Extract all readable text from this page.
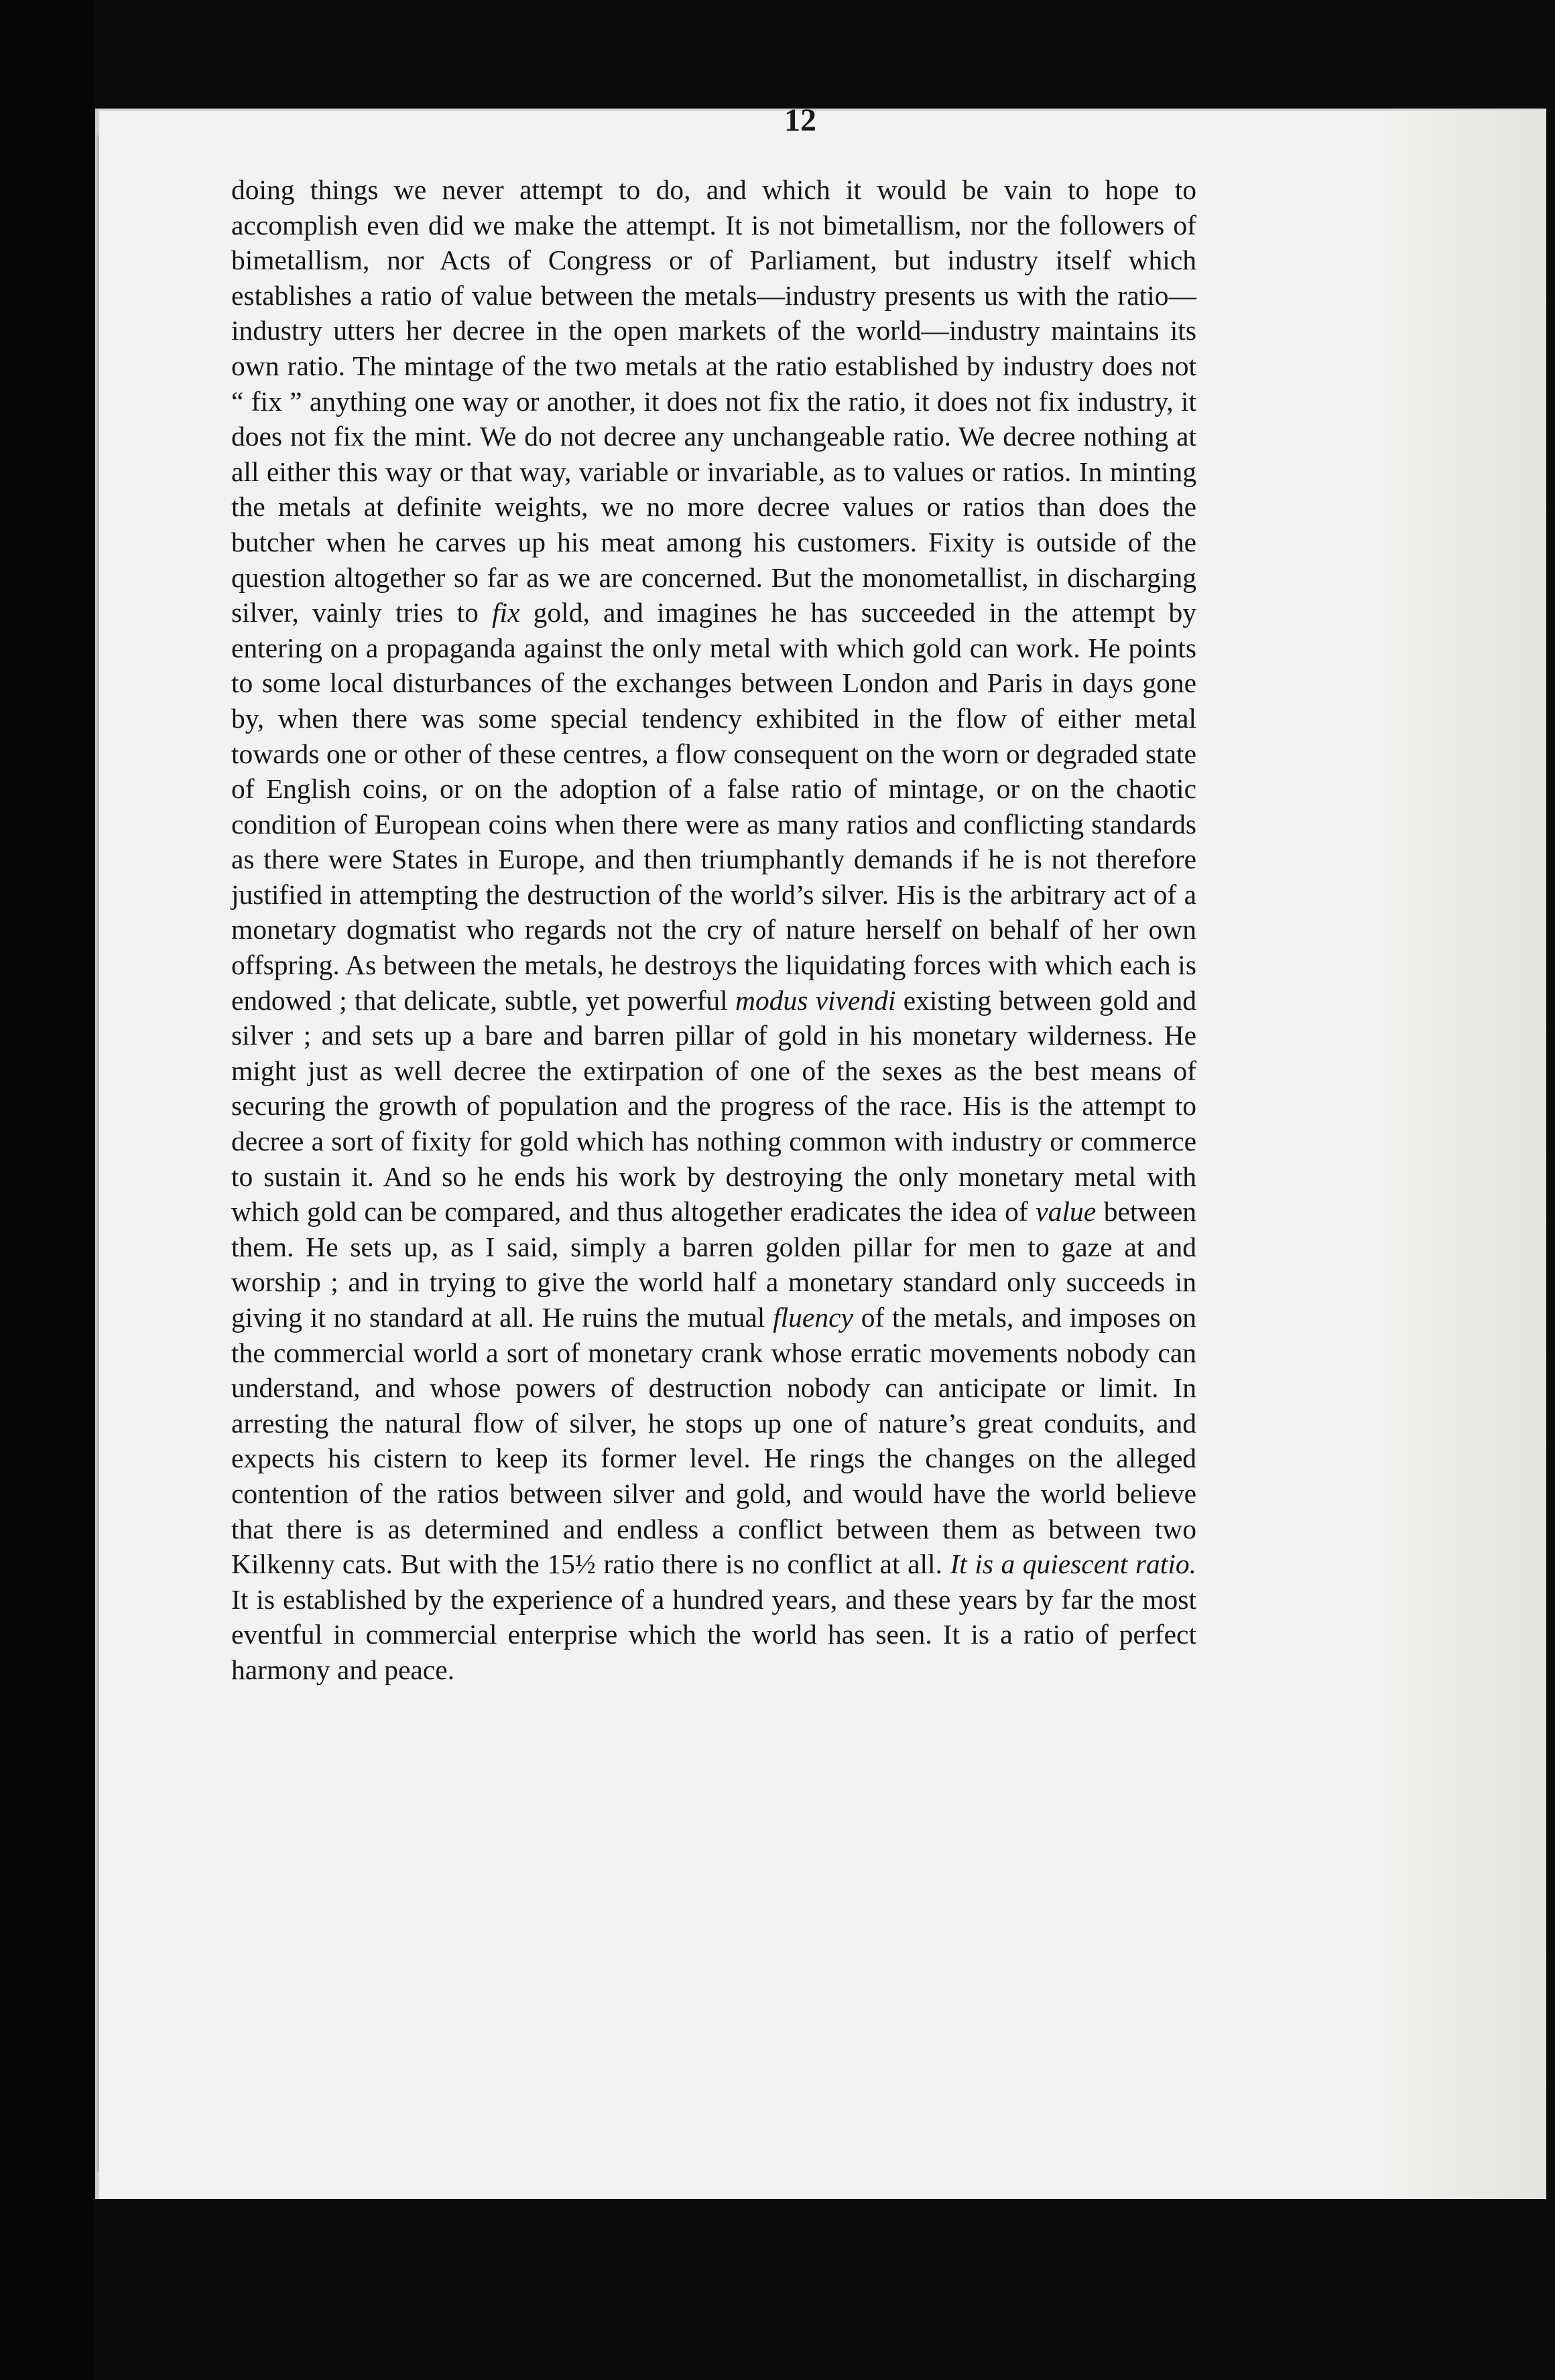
12

doing things we never attempt to do, and which it would be vain to hope to accomplish even did we make the attempt. It is not bimetallism, nor the followers of bimetallism, nor Acts of Congress or of Parliament, but industry itself which establishes a ratio of value between the metals—industry presents us with the ratio—industry utters her decree in the open markets of the world—industry maintains its own ratio. The mintage of the two metals at the ratio established by industry does not “ fix ” anything one way or another, it does not fix the ratio, it does not fix industry, it does not fix the mint. We do not decree any unchangeable ratio. We decree nothing at all either this way or that way, variable or invariable, as to values or ratios. In minting the metals at definite weights, we no more decree values or ratios than does the butcher when he carves up his meat among his customers. Fixity is outside of the question altogether so far as we are concerned. But the monometallist, in discharging silver, vainly tries to fix gold, and imagines he has succeeded in the attempt by entering on a propaganda against the only metal with which gold can work. He points to some local disturbances of the exchanges between London and Paris in days gone by, when there was some special tendency exhibited in the flow of either metal towards one or other of these centres, a flow consequent on the worn or degraded state of English coins, or on the adoption of a false ratio of mintage, or on the chaotic condition of European coins when there were as many ratios and conflicting standards as there were States in Europe, and then triumphantly demands if he is not therefore justified in attempting the destruction of the world’s silver. His is the arbitrary act of a monetary dogmatist who regards not the cry of nature herself on behalf of her own offspring. As between the metals, he destroys the liquidating forces with which each is endowed ; that delicate, subtle, yet powerful modus vivendi existing between gold and silver ; and sets up a bare and barren pillar of gold in his monetary wilderness. He might just as well decree the extirpation of one of the sexes as the best means of securing the growth of population and the progress of the race. His is the attempt to decree a sort of fixity for gold which has nothing common with industry or commerce to sustain it. And so he ends his work by destroying the only monetary metal with which gold can be compared, and thus altogether eradicates the idea of value between them. He sets up, as I said, simply a barren golden pillar for men to gaze at and worship ; and in trying to give the world half a monetary standard only succeeds in giving it no standard at all. He ruins the mutual fluency of the metals, and imposes on the commercial world a sort of monetary crank whose erratic movements nobody can understand, and whose powers of destruction nobody can anticipate or limit. In arresting the natural flow of silver, he stops up one of nature’s great conduits, and expects his cistern to keep its former level. He rings the changes on the alleged contention of the ratios between silver and gold, and would have the world believe that there is as determined and endless a conflict between them as between two Kilkenny cats. But with the 15½ ratio there is no conflict at all. It is a quiescent ratio. It is established by the experience of a hundred years, and these years by far the most eventful in commercial enterprise which the world has seen. It is a ratio of perfect harmony and peace.
